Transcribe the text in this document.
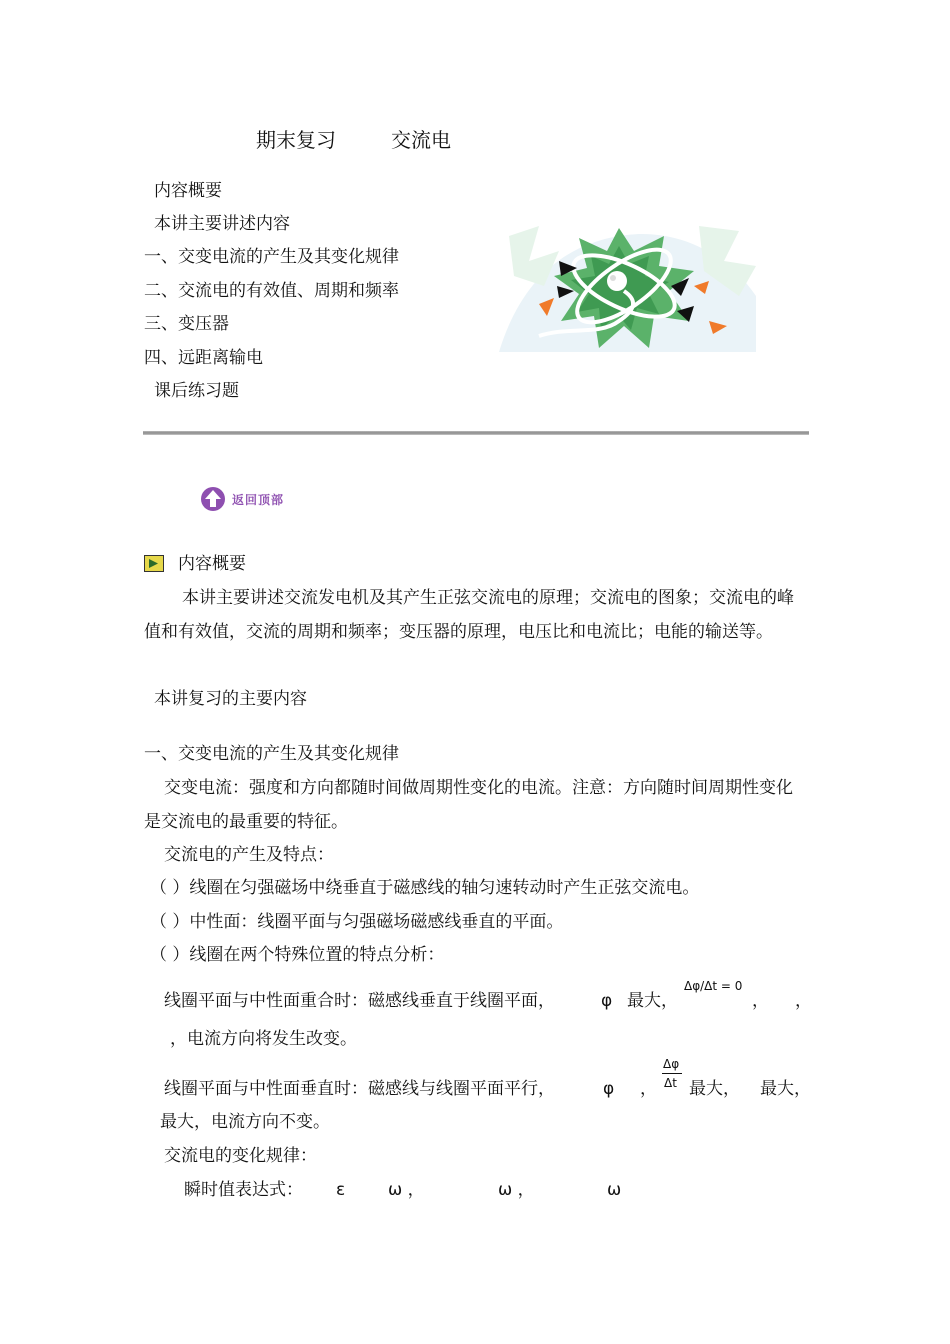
期末复习	交流电
内容概要
本讲主要讲述内容
一、交变电流的产生及其变化规律
二、交流电的有效值、周期和频率
三、变压器
四、远距离输电
课后练习题
返回顶部
内容概要
本讲主要讲述交流发电机及其产生正弦交流电的原理；交流电的图象；交流电的峰值和有效值，交流的周期和频率；变压器的原理，电压比和电流比；电能的输送等。
本讲复习的主要内容
一、交变电流的产生及其变化规律
交变电流：强度和方向都随时间做周期性变化的电流。注意：方向随时间周期性变化是交流电的最重要的特征。
交流电的产生及特点：
（ ）线圈在匀强磁场中绕垂直于磁感线的轴匀速转动时产生正弦交流电。
（ ）中性面：线圈平面与匀强磁场磁感线垂直的平面。
（ ）线圈在两个特殊位置的特点分析：
线圈平面与中性面重合时：磁感线垂直于线圈平面，	φ 最大，
Δφ/Δt = 0
， ，
，电流方向将发生改变。
线圈平面与中性面垂直时：磁感线与线圈平面平行，	φ ，
Δφ
Δt 最大， 最大，
最大，电流方向不变。
交流电的变化规律：
瞬时值表达式： ε	ω ，	ω ，	ω
